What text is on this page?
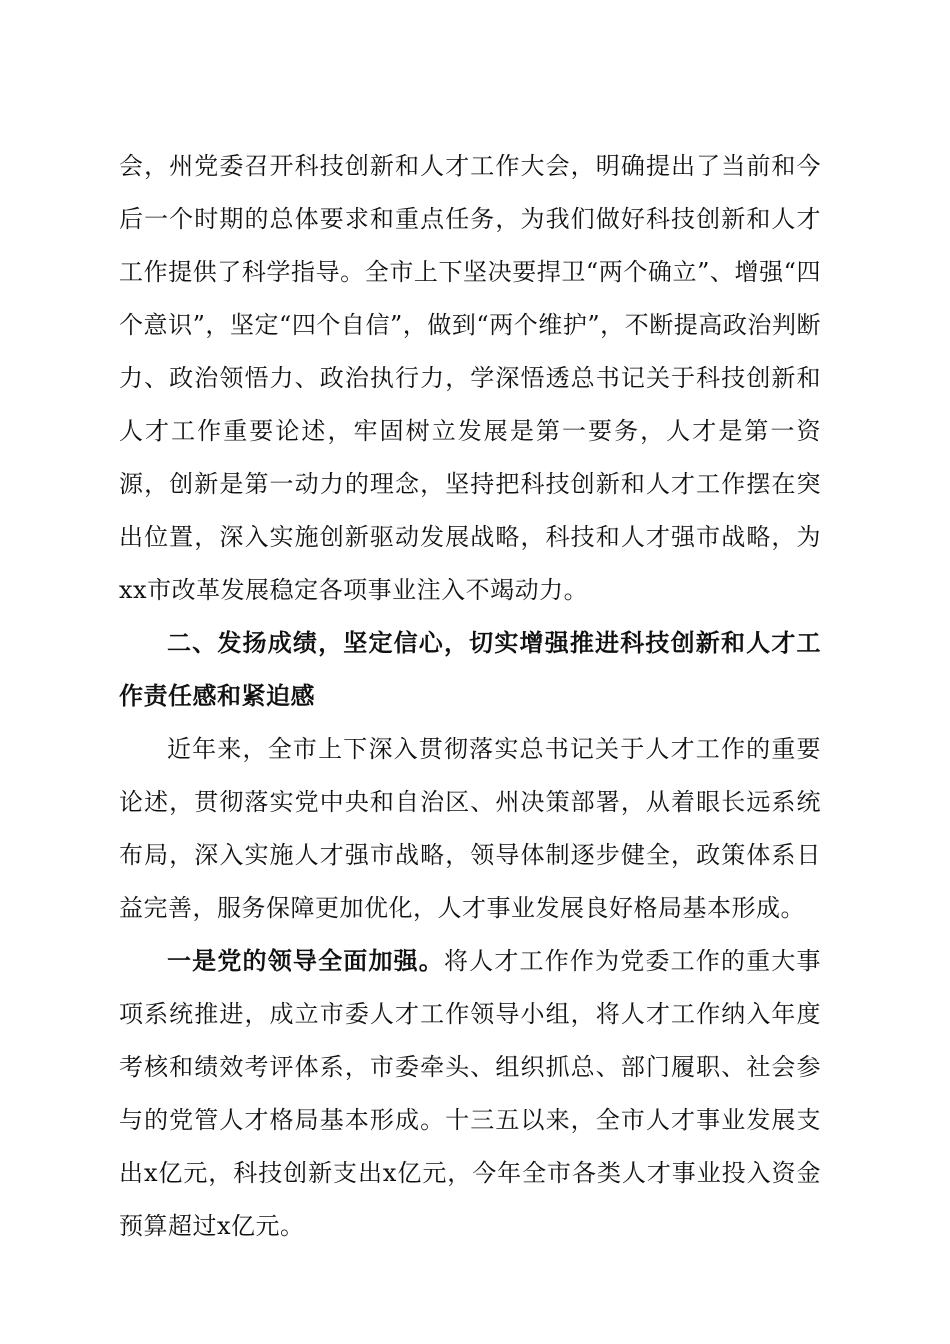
会，州党委召开科技创新和人才工作大会，明确提出了当前和今后一个时期的总体要求和重点任务，为我们做好科技创新和人才工作提供了科学指导。全市上下坚决要捍卫“两个确立”、增强“四个意识”，坚定“四个自信”，做到“两个维护”，不断提高政治判断力、政治领悟力、政治执行力，学深悟透总书记关于科技创新和人才工作重要论述，牢固树立发展是第一要务，人才是第一资源，创新是第一动力的理念，坚持把科技创新和人才工作摆在突出位置，深入实施创新驱动发展战略，科技和人才强市战略，为xx市改革发展稳定各项事业注入不竭动力。

二、发扬成绩，坚定信心，切实增强推进科技创新和人才工作责任感和紧迫感

近年来，全市上下深入贯彻落实总书记关于人才工作的重要论述，贯彻落实党中央和自治区、州决策部署，从着眼长远系统布局，深入实施人才强市战略，领导体制逐步健全，政策体系日益完善，服务保障更加优化，人才事业发展良好格局基本形成。

一是党的领导全面加强。将人才工作作为党委工作的重大事项系统推进，成立市委人才工作领导小组，将人才工作纳入年度考核和绩效考评体系，市委牵头、组织抓总、部门履职、社会参与的党管人才格局基本形成。十三五以来，全市人才事业发展支出x亿元，科技创新支出x亿元，今年全市各类人才事业投入资金预算超过x亿元。
